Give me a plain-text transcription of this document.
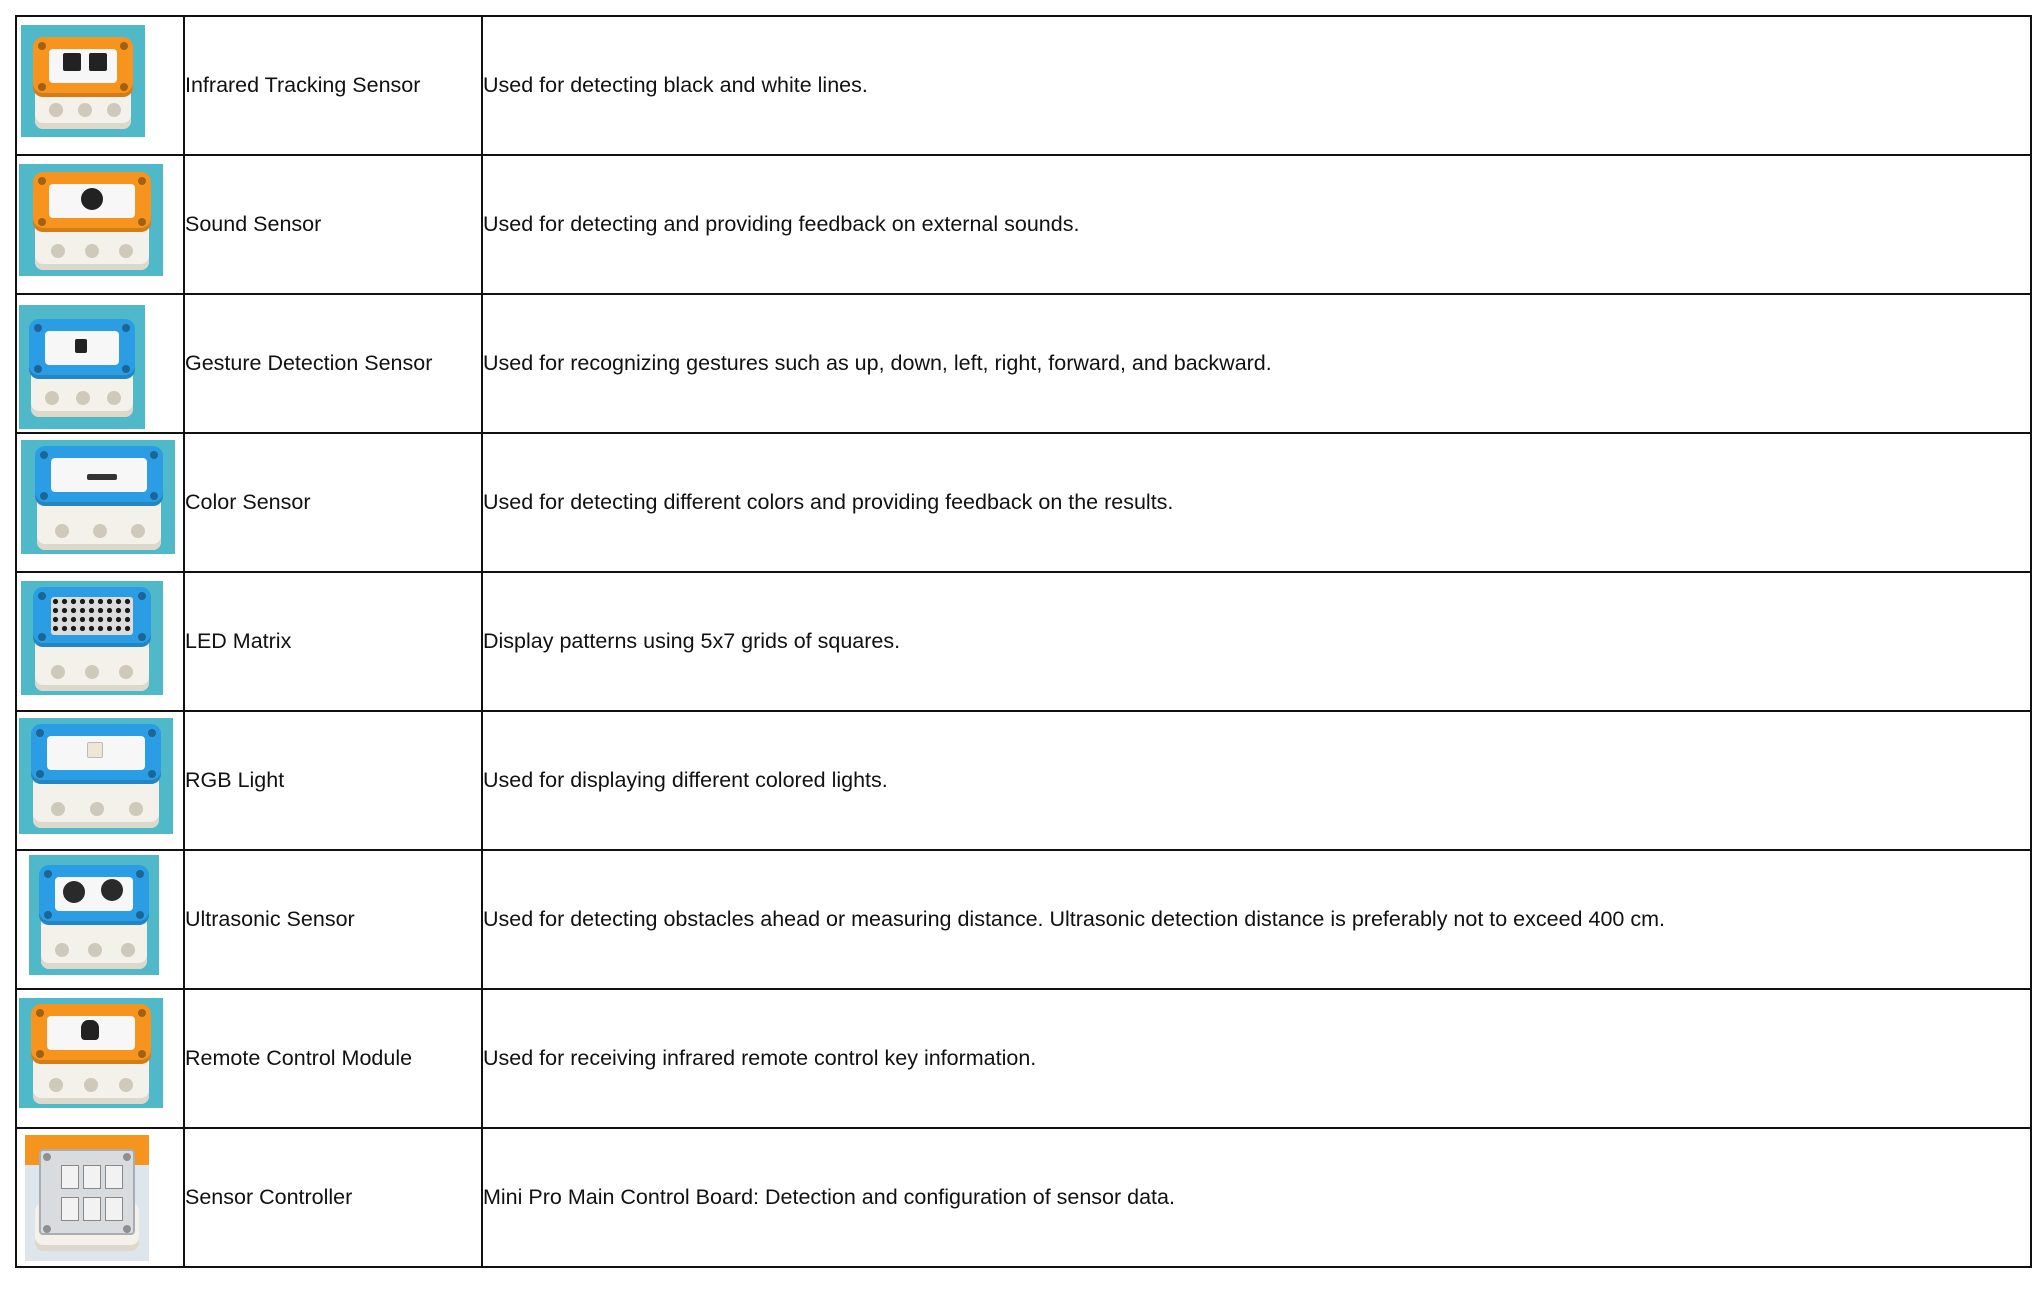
	Infrared Tracking Sensor	Used for detecting black and white lines.

	Sound Sensor	Used for detecting and providing feedback on external sounds.

	Gesture Detection Sensor	Used for recognizing gestures such as up, down, left, right, forward, and backward.

	Color Sensor	Used for detecting different colors and providing feedback on the results.

	LED Matrix	Display patterns using 5x7 grids of squares.

	RGB Light	Used for displaying different colored lights.

	Ultrasonic Sensor	Used for detecting obstacles ahead or measuring distance. Ultrasonic detection distance is preferably not to exceed 400 cm.

	Remote Control Module	Used for receiving infrared remote control key information.

	Sensor Controller	Mini Pro Main Control Board: Detection and configuration of sensor data.
